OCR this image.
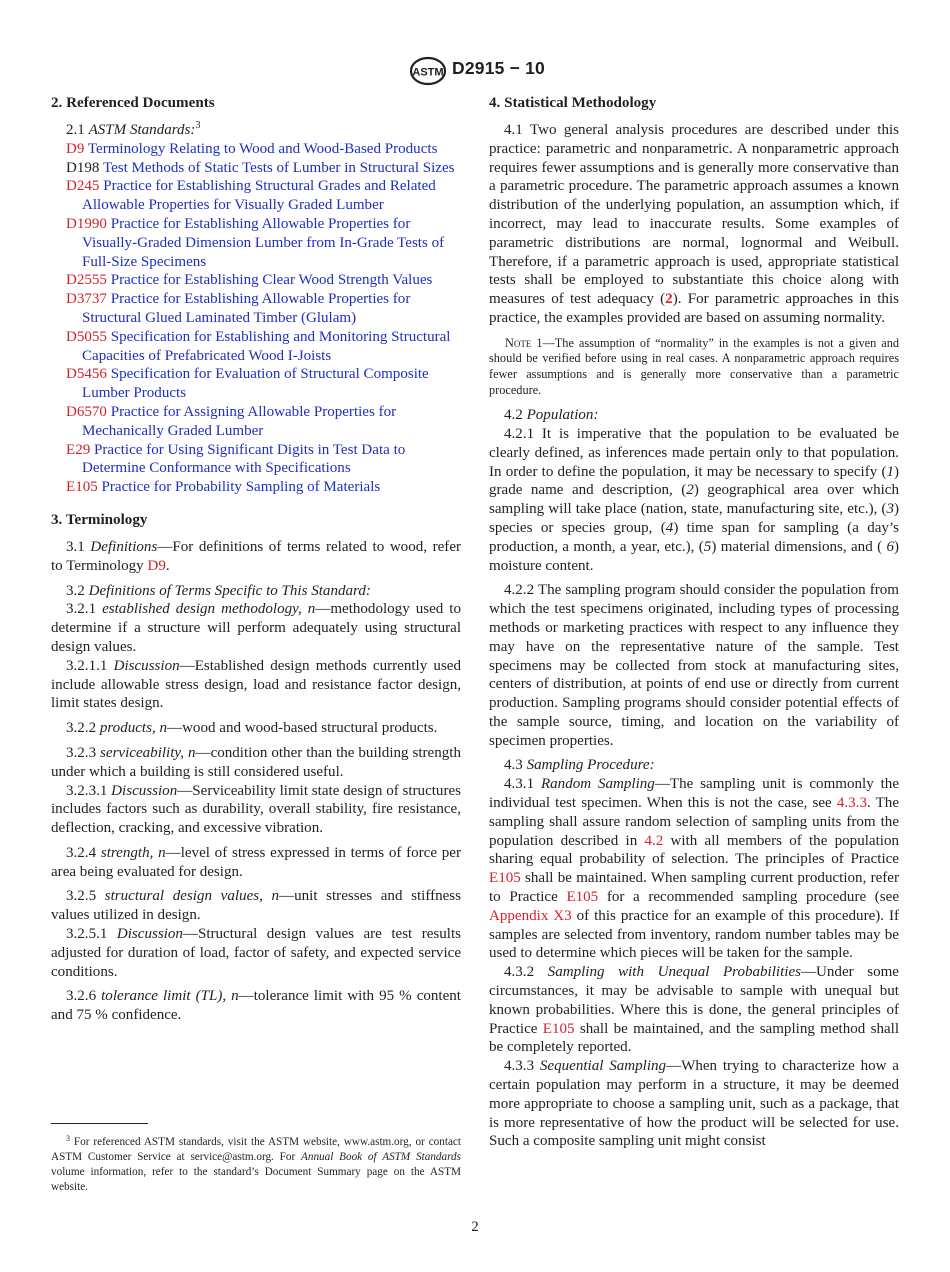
ASTM D2915 − 10
2. Referenced Documents

2.1 ASTM Standards:$^3$

D9 Terminology Relating to Wood and Wood-Based Products

D198 Test Methods of Static Tests of Lumber in Structural Sizes

D245 Practice for Establishing Structural Grades and Related Allowable Properties for Visually Graded Lumber

D1990 Practice for Establishing Allowable Properties for Visually-Graded Dimension Lumber from In-Grade Tests of Full-Size Specimens

D2555 Practice for Establishing Clear Wood Strength Values

D3737 Practice for Establishing Allowable Properties for Structural Glued Laminated Timber (Glulam)

D5055 Specification for Establishing and Monitoring Structural Capacities of Prefabricated Wood I-Joists

D5456 Specification for Evaluation of Structural Composite Lumber Products

D6570 Practice for Assigning Allowable Properties for Mechanically Graded Lumber

E29 Practice for Using Significant Digits in Test Data to Determine Conformance with Specifications

E105 Practice for Probability Sampling of Materials

3. Terminology

3.1 Definitions—For definitions of terms related to wood, refer to Terminology D9.

3.2 Definitions of Terms Specific to This Standard:

3.2.1 established design methodology, n—methodology used to determine if a structure will perform adequately using structural design values.

3.2.1.1 Discussion—Established design methods currently used include allowable stress design, load and resistance factor design, limit states design.

3.2.2 products, n—wood and wood-based structural products.

3.2.3 serviceability, n—condition other than the building strength under which a building is still considered useful.

3.2.3.1 Discussion—Serviceability limit state design of structures includes factors such as durability, overall stability, fire resistance, deflection, cracking, and excessive vibration.

3.2.4 strength, n—level of stress expressed in terms of force per area being evaluated for design.

3.2.5 structural design values, n—unit stresses and stiffness values utilized in design.

3.2.5.1 Discussion—Structural design values are test results adjusted for duration of load, factor of safety, and expected service conditions.

3.2.6 tolerance limit (TL), n—tolerance limit with 95 % content and 75 % confidence.

$^3$ For referenced ASTM standards, visit the ASTM website, www.astm.org, or contact ASTM Customer Service at service@astm.org. For Annual Book of ASTM Standards volume information, refer to the standard’s Document Summary page on the ASTM website.
4. Statistical Methodology

4.1 Two general analysis procedures are described under this practice: parametric and nonparametric. A nonparametric approach requires fewer assumptions and is generally more conservative than a parametric procedure. The parametric approach assumes a known distribution of the underlying population, an assumption which, if incorrect, may lead to inaccurate results. Some examples of parametric distributions are normal, lognormal and Weibull. Therefore, if a parametric approach is used, appropriate statistical tests shall be employed to substantiate this choice along with measures of test adequacy (2). For parametric approaches in this practice, the examples provided are based on assuming normality.

Note 1—The assumption of “normality” in the examples is not a given and should be verified before using in real cases. A nonparametric approach requires fewer assumptions and is generally more conservative than a parametric procedure.

4.2 Population:

4.2.1 It is imperative that the population to be evaluated be clearly defined, as inferences made pertain only to that population. In order to define the population, it may be necessary to specify (1) grade name and description, (2) geographical area over which sampling will take place (nation, state, manufacturing site, etc.), (3) species or species group, (4) time span for sampling (a day’s production, a month, a year, etc.), (5) material dimensions, and ( 6) moisture content.

4.2.2 The sampling program should consider the population from which the test specimens originated, including types of processing methods or marketing practices with respect to any influence they may have on the representative nature of the sample. Test specimens may be collected from stock at manufacturing sites, centers of distribution, at points of end use or directly from current production. Sampling programs should consider potential effects of the sample source, timing, and location on the variability of specimen properties.

4.3 Sampling Procedure:

4.3.1 Random Sampling—The sampling unit is commonly the individual test specimen. When this is not the case, see 4.3.3. The sampling shall assure random selection of sampling units from the population described in 4.2 with all members of the population sharing equal probability of selection. The principles of Practice E105 shall be maintained. When sampling current production, refer to Practice E105 for a recommended sampling procedure (see Appendix X3 of this practice for an example of this procedure). If samples are selected from inventory, random number tables may be used to determine which pieces will be taken for the sample.

4.3.2 Sampling with Unequal Probabilities—Under some circumstances, it may be advisable to sample with unequal but known probabilities. Where this is done, the general principles of Practice E105 shall be maintained, and the sampling method shall be completely reported.

4.3.3 Sequential Sampling—When trying to characterize how a certain population may perform in a structure, it may be deemed more appropriate to choose a sampling unit, such as a package, that is more representative of how the product will be selected for use. Such a composite sampling unit might consist

2
